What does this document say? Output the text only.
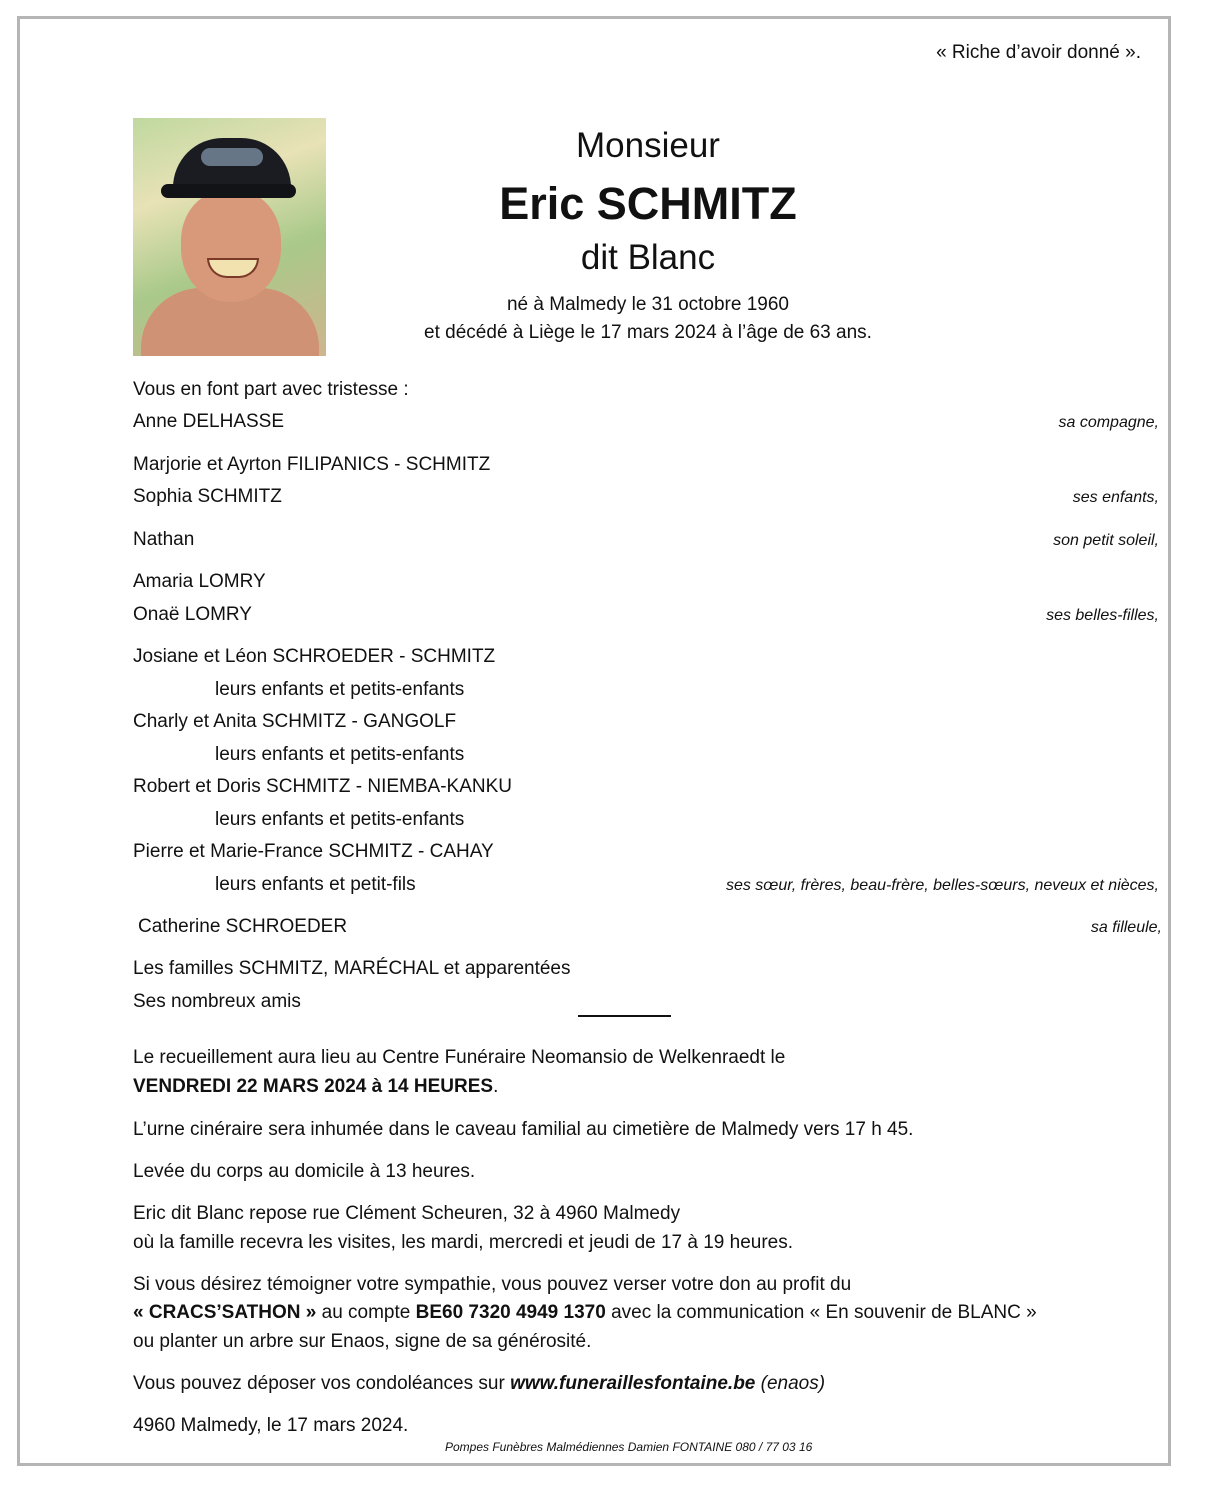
« Riche d’avoir donné ».
Monsieur
Eric SCHMITZ
dit Blanc
né à Malmedy le 31 octobre 1960
et décédé à Liège le 17 mars 2024 à l’âge de 63 ans.
Vous en font part avec tristesse :
Anne DELHASSE	sa compagne,
Marjorie et Ayrton FILIPANICS - SCHMITZ
Sophia SCHMITZ	ses enfants,
Nathan	son petit soleil,
Amaria LOMRY
Onaë LOMRY	ses belles-filles,
Josiane et Léon SCHROEDER - SCHMITZ
leurs enfants et petits-enfants
Charly et Anita SCHMITZ - GANGOLF
leurs enfants et petits-enfants
Robert et Doris SCHMITZ - NIEMBA-KANKU
leurs enfants et petits-enfants
Pierre et Marie-France SCHMITZ - CAHAY
leurs enfants et petit-fils	ses sœur, frères, beau-frère, belles-sœurs, neveux et nièces,
Catherine SCHROEDER	sa filleule,
Les familles SCHMITZ, MARÉCHAL et apparentées
Ses nombreux amis
Le recueillement aura lieu au Centre Funéraire Neomansio de Welkenraedt le
VENDREDI 22 MARS 2024 à 14 HEURES.
L’urne cinéraire sera inhumée dans le caveau familial au cimetière de Malmedy vers 17 h 45.
Levée du corps au domicile à 13 heures.
Eric dit Blanc repose rue Clément Scheuren, 32 à 4960 Malmedy
où la famille recevra les visites, les mardi, mercredi et jeudi de 17 à 19 heures.
Si vous désirez témoigner votre sympathie, vous pouvez verser votre don au profit du
« CRACS’SATHON » au compte BE60 7320 4949 1370 avec la communication « En souvenir de BLANC »
ou planter un arbre sur Enaos, signe de sa générosité.
Vous pouvez déposer vos condoléances sur www.funeraillesfontaine.be (enaos)
4960 Malmedy, le 17 mars 2024.
Pompes Funèbres Malmédiennes Damien FONTAINE 080 / 77 03 16
